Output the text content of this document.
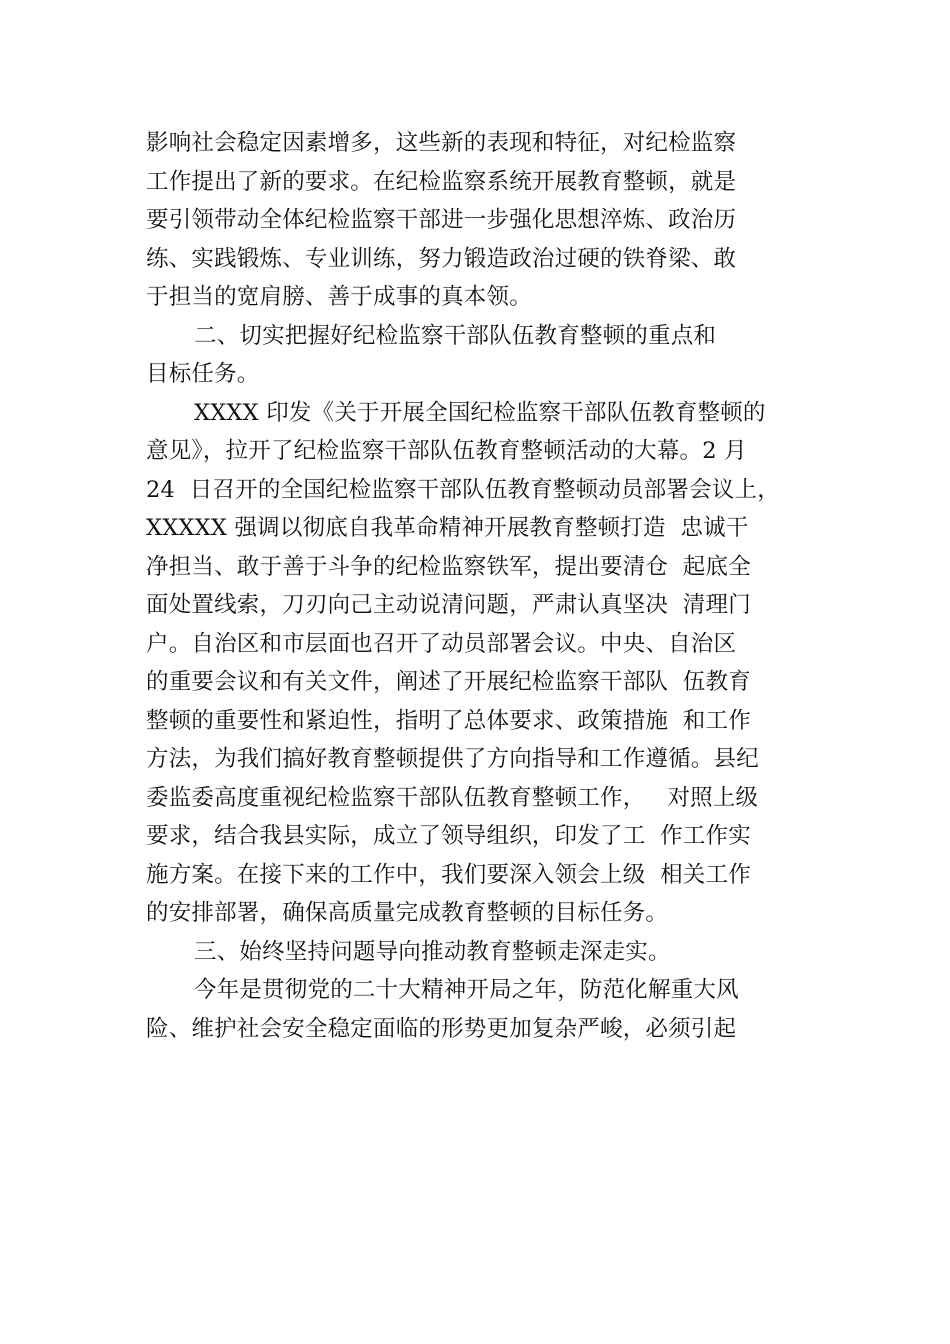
影响社会稳定因素增多，这些新的表现和特征，对纪检监察
工作提出了新的要求。在纪检监察系统开展教育整顿，就是
要引领带动全体纪检监察干部进一步强化思想淬炼、政治历
练、实践锻炼、专业训练，努力锻造政治过硬的铁脊梁、敢
于担当的宽肩膀、善于成事的真本领。
二、切实把握好纪检监察干部队伍教育整顿的重点和
目标任务。
XXXX 印发《关于开展全国纪检监察干部队伍教育整顿的
意见》，拉开了纪检监察干部队伍教育整顿活动的大幕。2 月
24  日召开的全国纪检监察干部队伍教育整顿动员部署会议上，
XXXXX 强调以彻底自我革命精神开展教育整顿打造  忠诚干
净担当、敢于善于斗争的纪检监察铁军，提出要清仓  起底全
面处置线索，刀刃向己主动说清问题，严肃认真坚决  清理门
户。自治区和市层面也召开了动员部署会议。中央、自治区
的重要会议和有关文件，阐述了开展纪检监察干部队  伍教育
整顿的重要性和紧迫性，指明了总体要求、政策措施  和工作
方法，为我们搞好教育整顿提供了方向指导和工作遵循。县纪
委监委高度重视纪检监察干部队伍教育整顿工作，   对照上级
要求，结合我县实际，成立了领导组织，印发了工  作工作实
施方案。在接下来的工作中，我们要深入领会上级  相关工作
的安排部署，确保高质量完成教育整顿的目标任务。
三、始终坚持问题导向推动教育整顿走深走实。
今年是贯彻党的二十大精神开局之年，防范化解重大风
险、维护社会安全稳定面临的形势更加复杂严峻，必须引起
